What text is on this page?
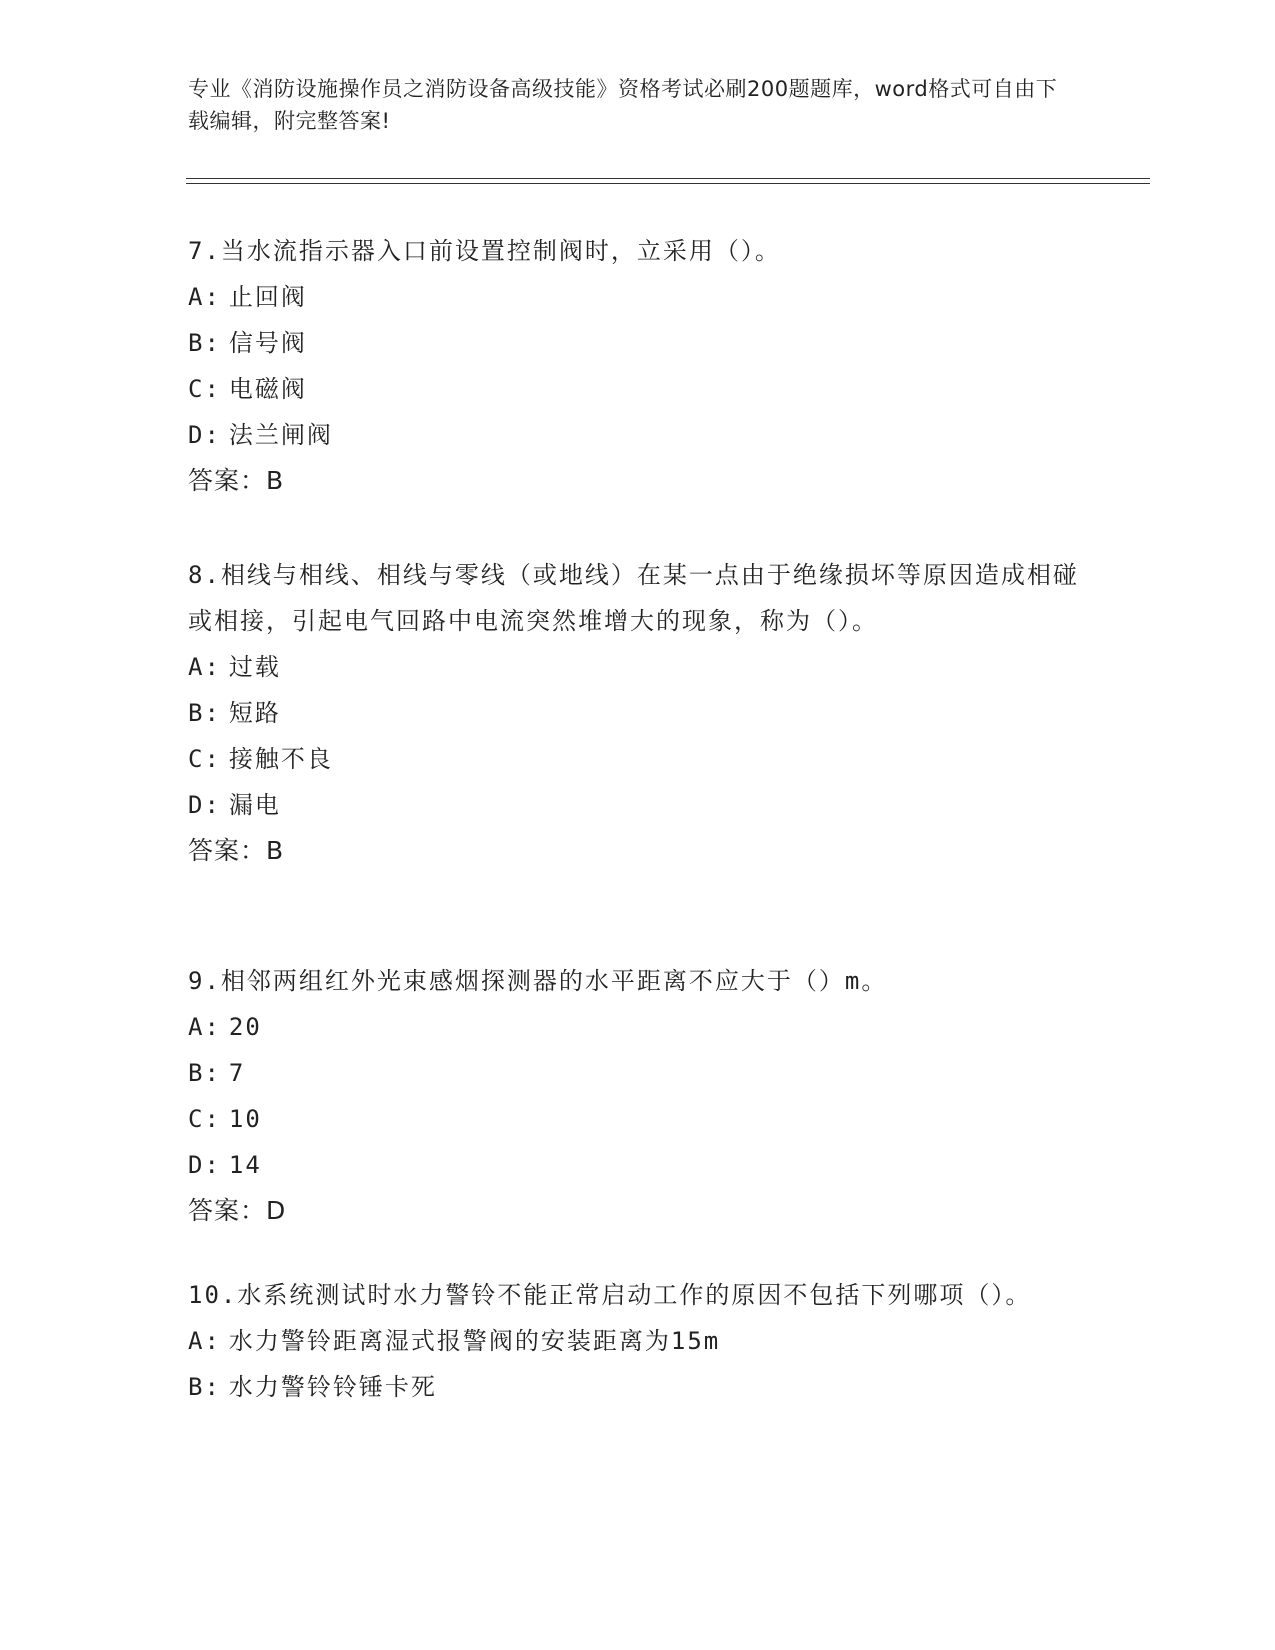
专业《消防设施操作员之消防设备高级技能》资格考试必刷200题题库，word格式可自由下载编辑，附完整答案!

7.当水流指示器入口前设置控制阀时，立采用（）。

A: 止回阀

B: 信号阀

C: 电磁阀

D: 法兰闸阀

答案：B

8.相线与相线、相线与零线（或地线）在某一点由于绝缘损坏等原因造成相碰或相接，引起电气回路中电流突然堆增大的现象，称为（）。

A: 过载

B: 短路

C: 接触不良

D: 漏电

答案：B

9.相邻两组红外光束感烟探测器的水平距离不应大于（）m。

A: 20

B: 7

C: 10

D: 14

答案：D

10.水系统测试时水力警铃不能正常启动工作的原因不包括下列哪项（）。

A: 水力警铃距离湿式报警阀的安装距离为15m

B: 水力警铃铃锤卡死
